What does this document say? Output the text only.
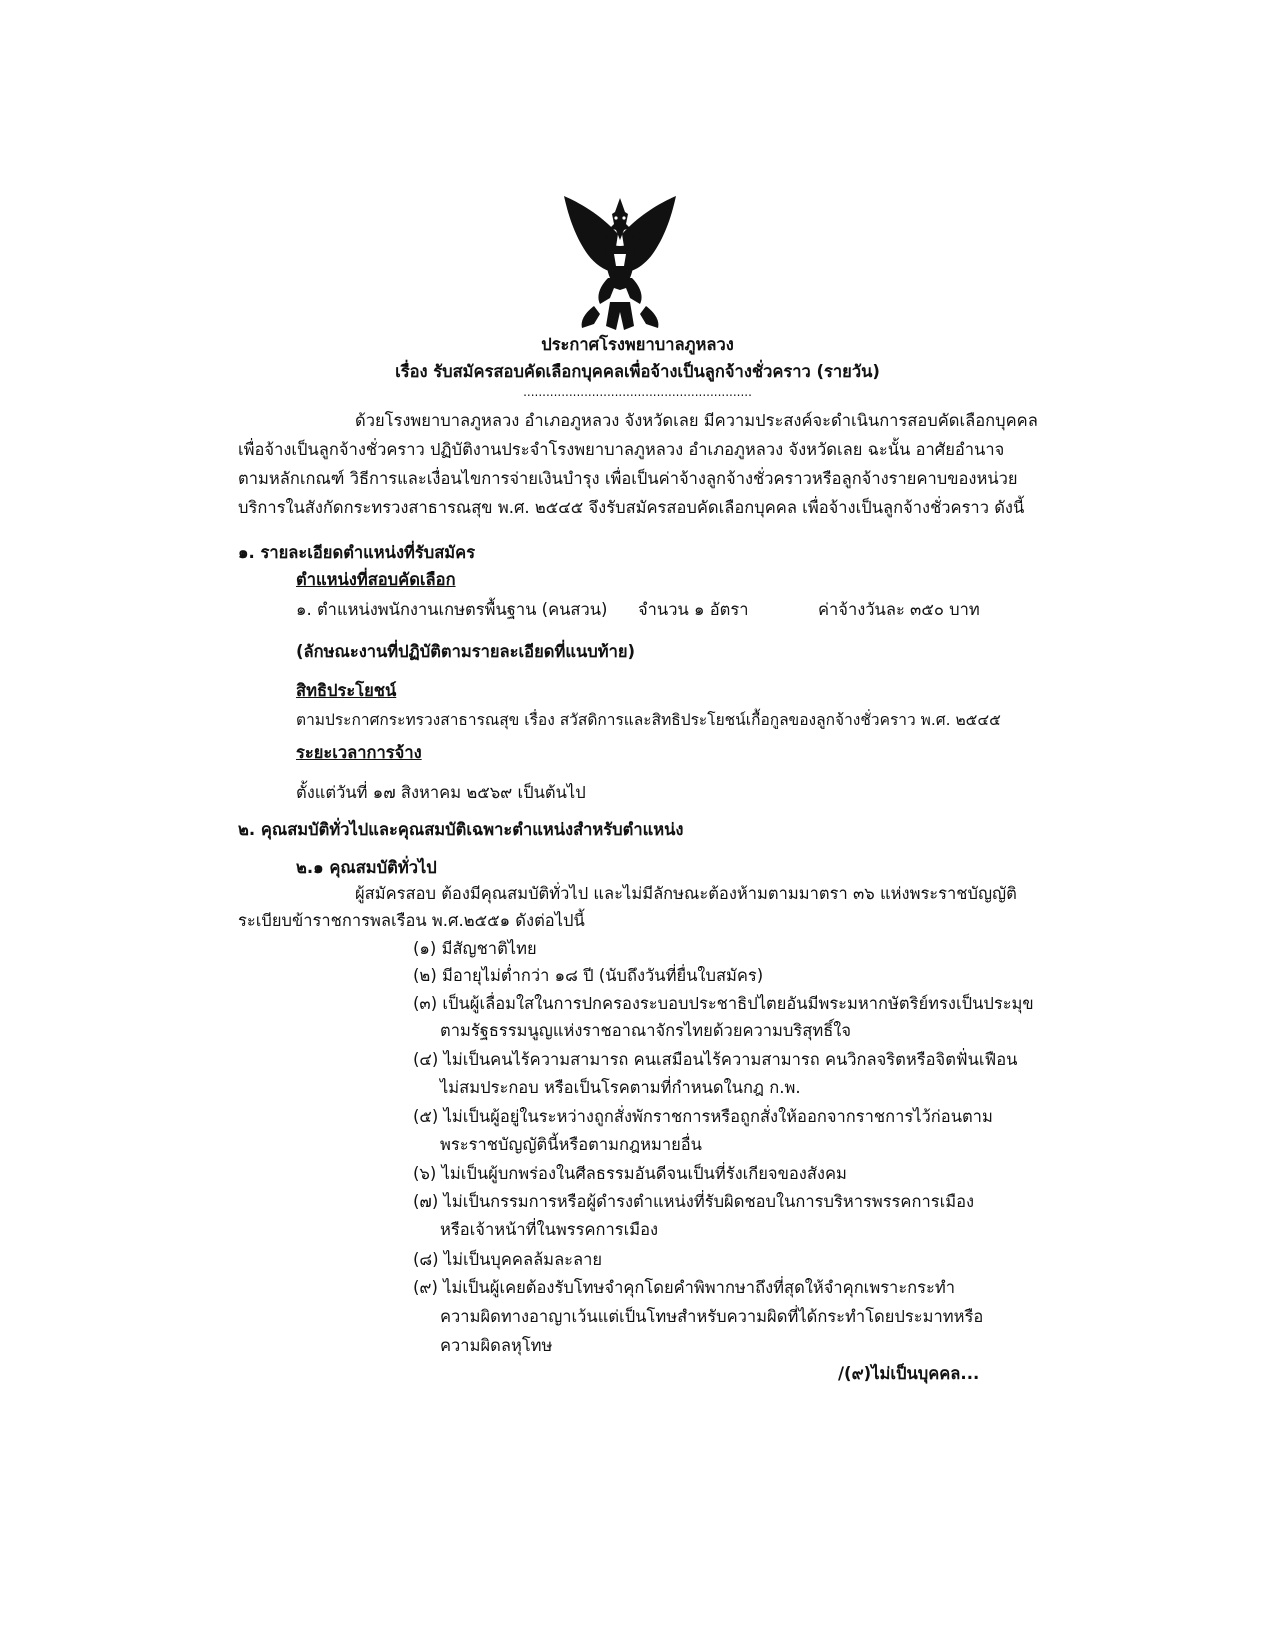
ประกาศโรงพยาบาลภูหลวง
เรื่อง รับสมัครสอบคัดเลือกบุคคลเพื่อจ้างเป็นลูกจ้างชั่วคราว (รายวัน)
............................................................
ด้วยโรงพยาบาลภูหลวง อำเภอภูหลวง จังหวัดเลย มีความประสงค์จะดำเนินการสอบคัดเลือกบุคคล
เพื่อจ้างเป็นลูกจ้างชั่วคราว ปฏิบัติงานประจำโรงพยาบาลภูหลวง อำเภอภูหลวง จังหวัดเลย ฉะนั้น อาศัยอำนาจ
ตามหลักเกณฑ์ วิธีการและเงื่อนไขการจ่ายเงินบำรุง เพื่อเป็นค่าจ้างลูกจ้างชั่วคราวหรือลูกจ้างรายคาบของหน่วย
บริการในสังกัดกระทรวงสาธารณสุข พ.ศ. ๒๕๔๕ จึงรับสมัครสอบคัดเลือกบุคคล เพื่อจ้างเป็นลูกจ้างชั่วคราว ดังนี้
๑. รายละเอียดตำแหน่งที่รับสมัคร
ตำแหน่งที่สอบคัดเลือก
๑. ตำแหน่งพนักงานเกษตรพื้นฐาน (คนสวน) จำนวน ๑ อัตรา	ค่าจ้างวันละ ๓๕๐ บาท
(ลักษณะงานที่ปฏิบัติตามรายละเอียดที่แนบท้าย)
สิทธิประโยชน์
ตามประกาศกระทรวงสาธารณสุข เรื่อง สวัสดิการและสิทธิประโยชน์เกื้อกูลของลูกจ้างชั่วคราว พ.ศ. ๒๕๔๕
ระยะเวลาการจ้าง
ตั้งแต่วันที่ ๑๗ สิงหาคม ๒๕๖๙ เป็นต้นไป
๒. คุณสมบัติทั่วไปและคุณสมบัติเฉพาะตำแหน่งสำหรับตำแหน่ง
๒.๑ คุณสมบัติทั่วไป
ผู้สมัครสอบ ต้องมีคุณสมบัติทั่วไป และไม่มีลักษณะต้องห้ามตามมาตรา ๓๖ แห่งพระราชบัญญัติ
ระเบียบข้าราชการพลเรือน พ.ศ.๒๕๕๑ ดังต่อไปนี้
(๑) มีสัญชาติไทย
(๒) มีอายุไม่ต่ำกว่า ๑๘ ปี (นับถึงวันที่ยื่นใบสมัคร)
(๓) เป็นผู้เลื่อมใสในการปกครองระบอบประชาธิปไตยอันมีพระมหากษัตริย์ทรงเป็นประมุข
ตามรัฐธรรมนูญแห่งราชอาณาจักรไทยด้วยความบริสุทธิ์ใจ
(๔) ไม่เป็นคนไร้ความสามารถ คนเสมือนไร้ความสามารถ คนวิกลจริตหรือจิตฟั่นเฟือน
ไม่สมประกอบ หรือเป็นโรคตามที่กำหนดในกฎ ก.พ.
(๕) ไม่เป็นผู้อยู่ในระหว่างถูกสั่งพักราชการหรือถูกสั่งให้ออกจากราชการไว้ก่อนตาม
พระราชบัญญัตินี้หรือตามกฎหมายอื่น
(๖) ไม่เป็นผู้บกพร่องในศีลธรรมอันดีจนเป็นที่รังเกียจของสังคม
(๗) ไม่เป็นกรรมการหรือผู้ดำรงตำแหน่งที่รับผิดชอบในการบริหารพรรคการเมือง
หรือเจ้าหน้าที่ในพรรคการเมือง
(๘) ไม่เป็นบุคคลล้มละลาย
(๙) ไม่เป็นผู้เคยต้องรับโทษจำคุกโดยคำพิพากษาถึงที่สุดให้จำคุกเพราะกระทำ
ความผิดทางอาญาเว้นแต่เป็นโทษสำหรับความผิดที่ได้กระทำโดยประมาทหรือ
ความผิดลหุโทษ
/(๙)ไม่เป็นบุคคล...
